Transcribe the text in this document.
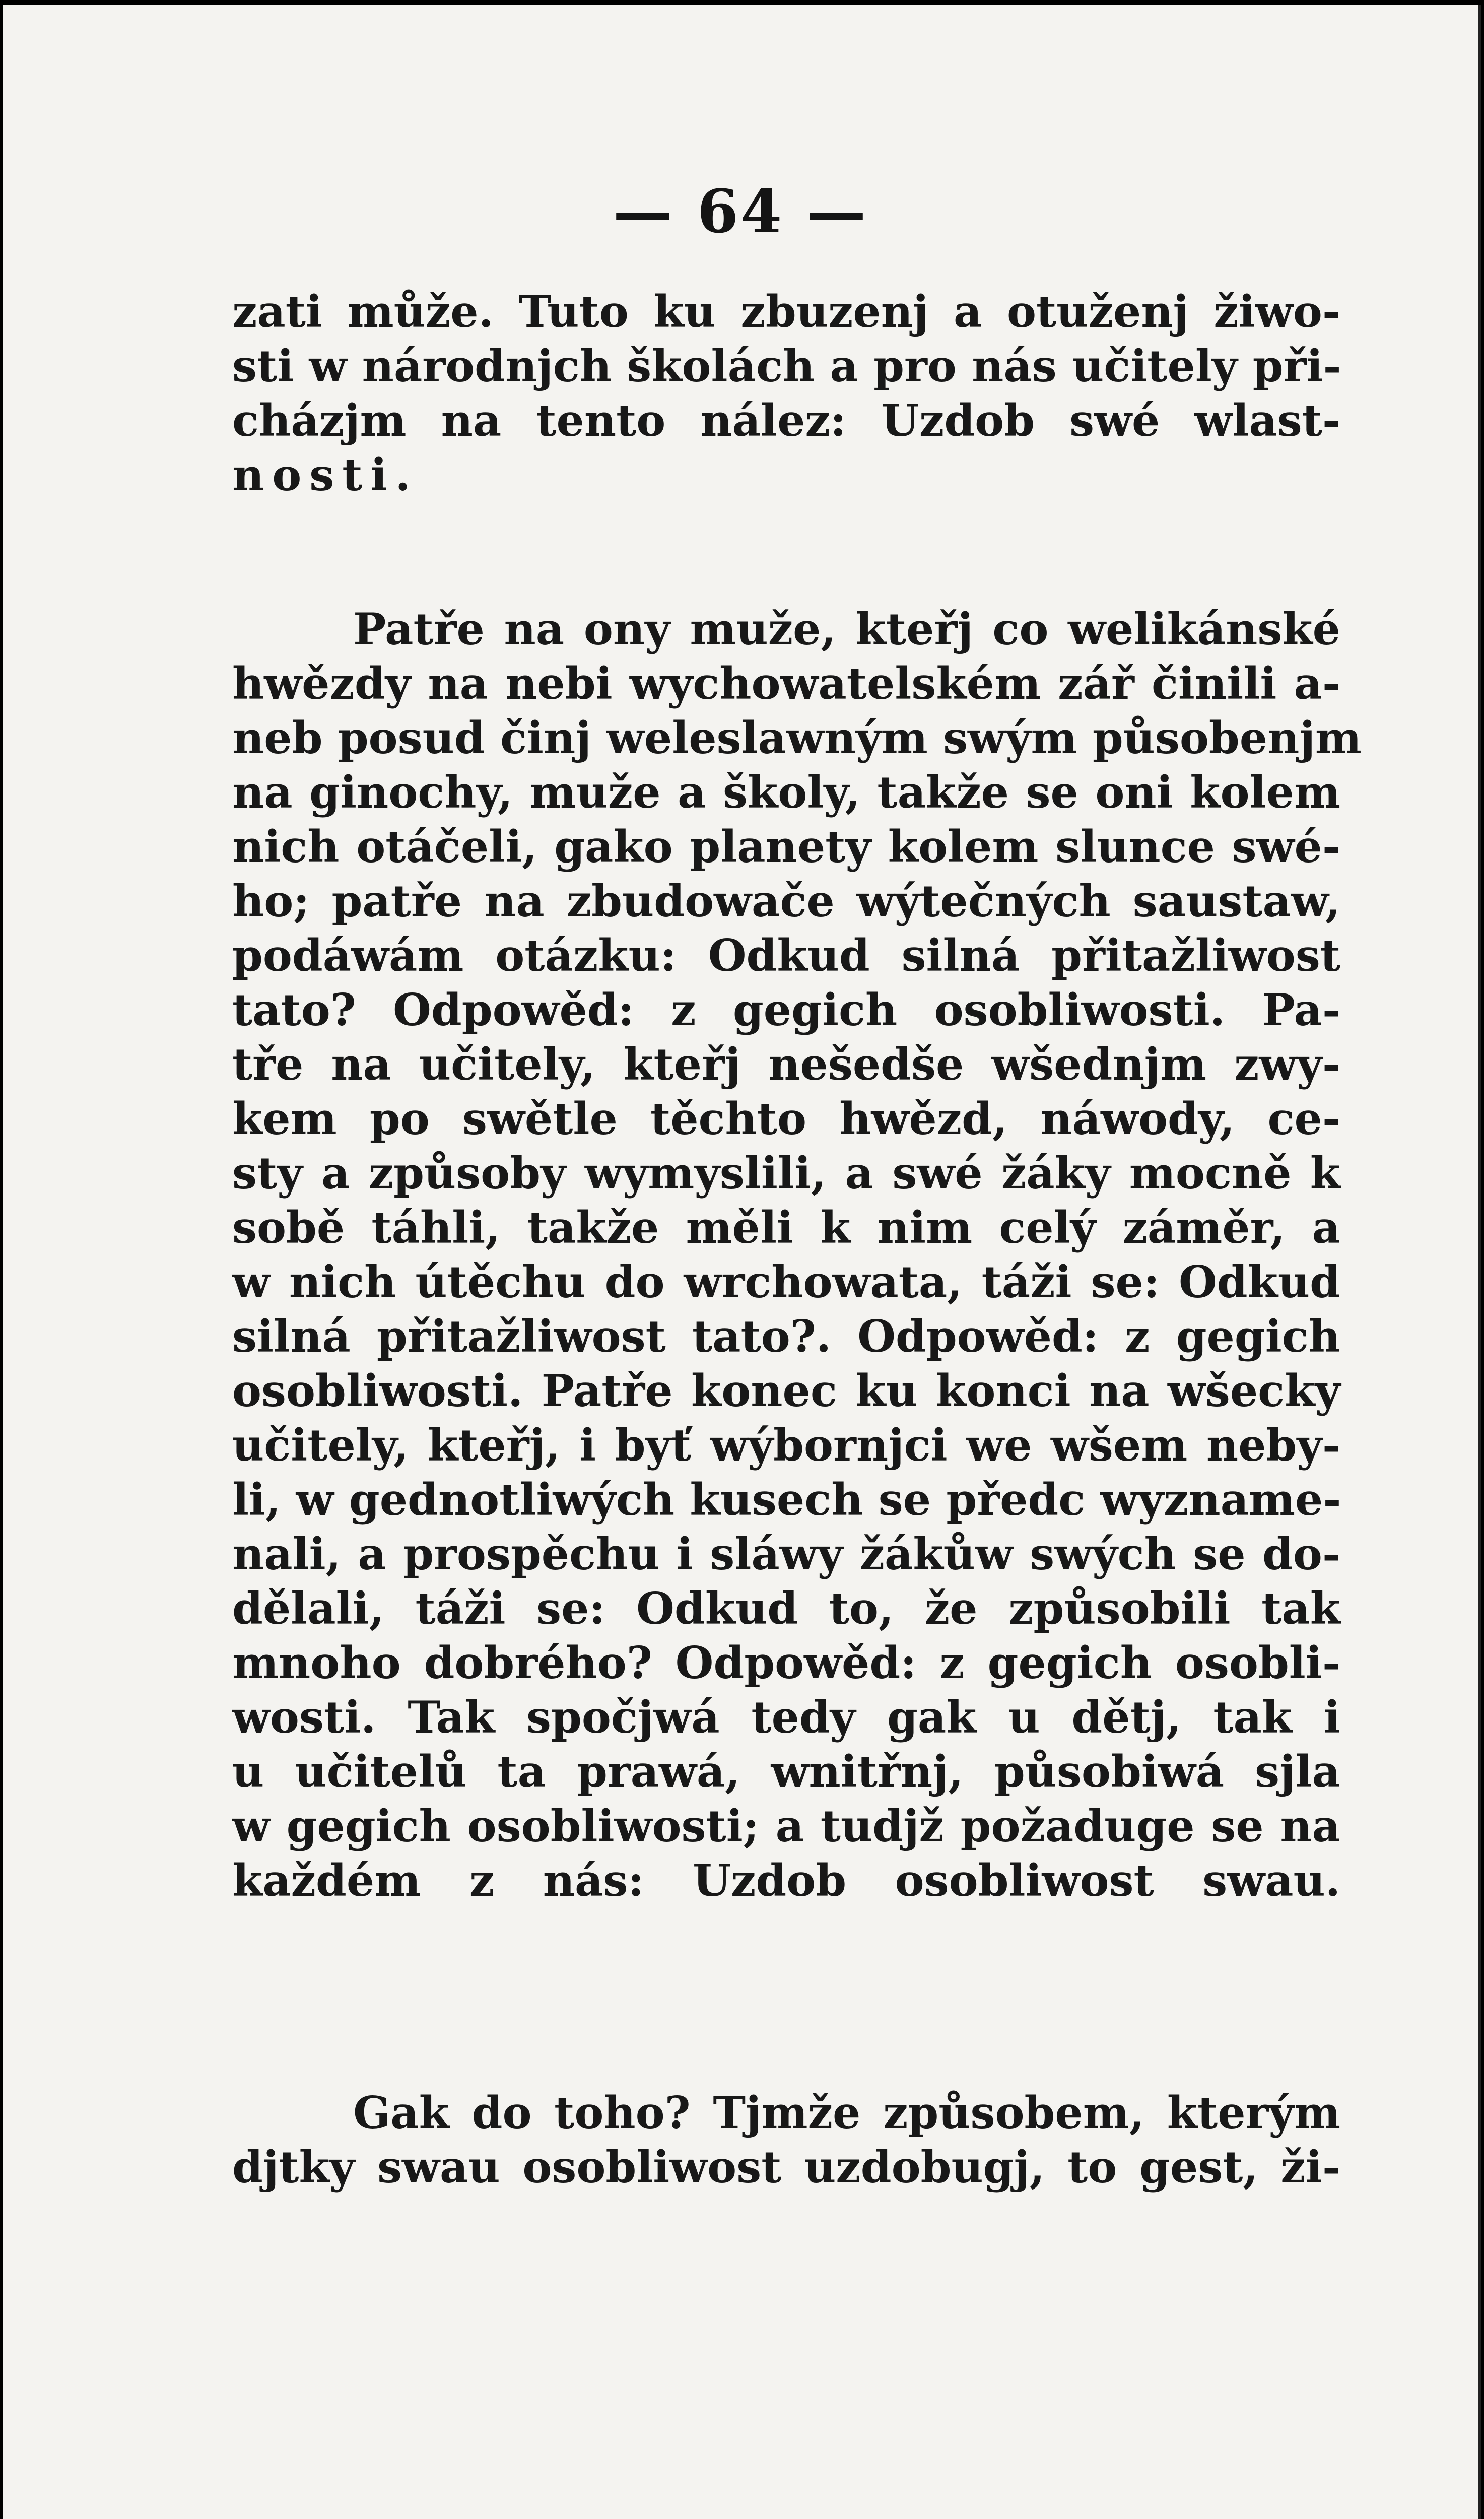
— 64 —
zati může. Tuto ku zbuzenj a otuženj žiwo-
sti w národnjch školách a pro nás učitely při-
cházjm na tento nález: Uzdob swé wlast-
nosti.
Patře na ony muže, kteřj co welikánské
hwězdy na nebi wychowatelském zář činili a-
neb posud činj weleslawným swým působenjm
na ginochy, muže a školy, takže se oni kolem
nich otáčeli, gako planety kolem slunce swé-
ho; patře na zbudowače wýtečných saustaw,
podáwám otázku: Odkud silná přitažliwost
tato? Odpowěd: z gegich osobliwosti. Pa-
tře na učitely, kteřj nešedše wšednjm zwy-
kem po swětle těchto hwězd, náwody, ce-
sty a způsoby wymyslili, a swé žáky mocně k
sobě táhli, takže měli k nim celý záměr, a
w nich útěchu do wrchowata, táži se: Odkud
silná přitažliwost tato?. Odpowěd: z gegich
osobliwosti. Patře konec ku konci na wšecky
učitely, kteřj, i byť wýbornjci we wšem neby-
li, w gednotliwých kusech se předc wyzname-
nali, a prospěchu i sláwy žákůw swých se do-
dělali, táži se: Odkud to, že způsobili tak
mnoho dobrého? Odpowěd: z gegich osobli-
wosti. Tak spočjwá tedy gak u dětj, tak i
u učitelů ta prawá, wnitřnj, působiwá sjla
w gegich osobliwosti; a tudjž požaduge se na
každém z nás: Uzdob osobliwost swau.
Gak do toho? Tjmže způsobem, kterým
djtky swau osobliwost uzdobugj, to gest, ži-
